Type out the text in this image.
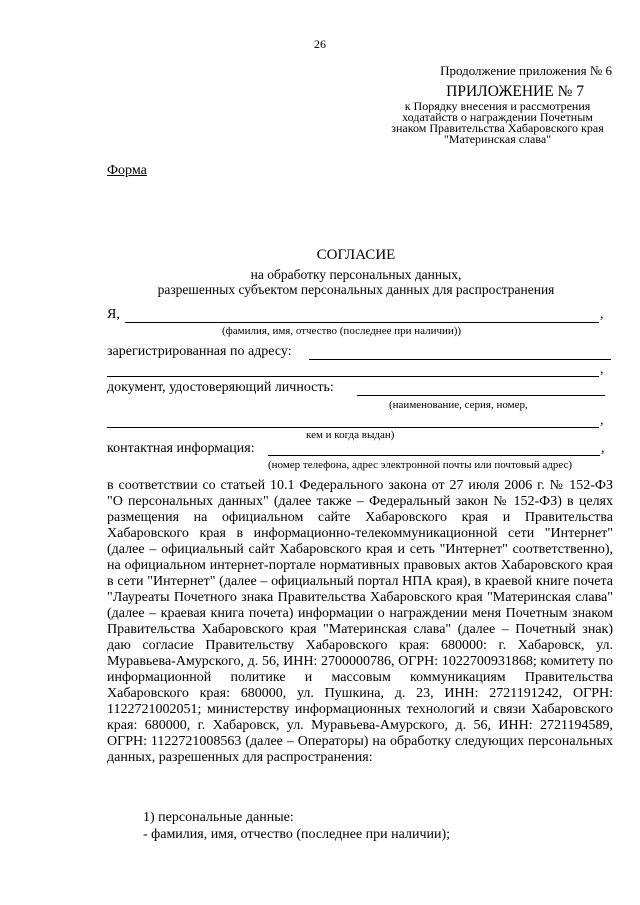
26
Продолжение приложения № 6
ПРИЛОЖЕНИЕ № 7
к Порядку внесения и рассмотрения ходатайств о награждении Почетным знаком Правительства Хабаровского края "Материнская слава"
Форма
СОГЛАСИЕ
на обработку персональных данных,
разрешенных субъектом персональных данных для распространения
Я,	,
(фамилия, имя, отчество (последнее при наличии))
зарегистрированная по адресу:
,
документ, удостоверяющий личность:
(наименование, серия, номер,
,
кем и когда выдан)
контактная информация:	,
(номер телефона, адрес электронной почты или почтовый адрес)

в соответствии со статьей 10.1 Федерального закона от 27 июля 2006 г. № 152-ФЗ "О персональных данных" (далее также – Федеральный закон № 152-ФЗ) в целях размещения на официальном сайте Хабаровского края и Правительства Хабаровского края в информационно-телекоммуникационной сети "Интернет" (далее – официальный сайт Хабаровского края и сеть "Интернет" соответственно), на официальном интернет-портале нормативных правовых актов Хабаровского края в сети "Интернет" (далее – официальный портал НПА края), в краевой книге почета "Лауреаты Почетного знака Правительства Хабаровского края "Материнская слава" (далее – краевая книга почета) информации о награждении меня Почетным знаком Правительства Хабаровского края "Материнская слава" (далее – Почетный знак) даю согласие Правительству Хабаровского края: 680000: г. Хабаровск, ул. Муравьева-Амурского, д. 56, ИНН: 2700000786, ОГРН: 1022700931868; комитету по информационной политике и массовым коммуникациям Правительства Хабаровского края: 680000, ул. Пушкина, д. 23, ИНН: 2721191242, ОГРН: 1122721002051; министерству информационных технологий и связи Хабаровского края: 680000, г. Хабаровск, ул. Муравьева-Амурского, д. 56, ИНН: 2721194589, ОГРН: 1122721008563 (далее – Операторы) на обработку следующих персональных данных, разрешенных для распространения:

1) персональные данные:
- фамилия, имя, отчество (последнее при наличии);
